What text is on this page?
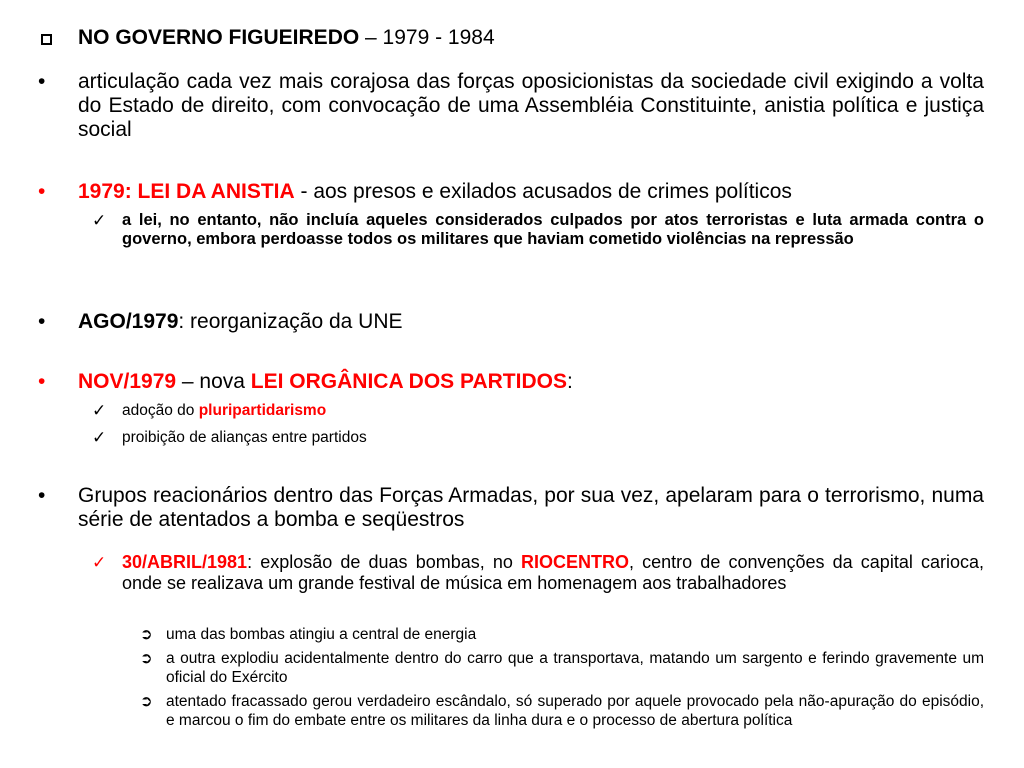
NO GOVERNO FIGUEIREDO – 1979 - 1984
•	articulação cada vez mais corajosa das forças oposicionistas da sociedade civil exigindo a volta do Estado de direito, com convocação de uma Assembléia Constituinte, anistia política e justiça social
•	1979: LEI DA ANISTIA - aos presos e exilados acusados de crimes políticos
✓ a lei, no entanto, não incluía aqueles considerados culpados por atos terroristas e luta armada contra o governo, embora perdoasse todos os militares que haviam cometido violências na repressão
•	AGO/1979: reorganização da UNE
•	NOV/1979 – nova LEI ORGÂNICA DOS PARTIDOS:
✓	adoção do pluripartidarismo
✓	proibição de alianças entre partidos
•	Grupos reacionários dentro das Forças Armadas, por sua vez, apelaram para o terrorismo, numa série de atentados a bomba e seqüestros
✓ 30/ABRIL/1981: explosão de duas bombas, no RIOCENTRO, centro de convenções da capital carioca, onde se realizava um grande festival de música em homenagem aos trabalhadores
➲ uma das bombas atingiu a central de energia
➲ a outra explodiu acidentalmente dentro do carro que a transportava, matando um sargento e ferindo gravemente um oficial do Exército
➲ atentado fracassado gerou verdadeiro escândalo, só superado por aquele provocado pela não-apuração do episódio, e marcou o fim do embate entre os militares da linha dura e o processo de abertura política
